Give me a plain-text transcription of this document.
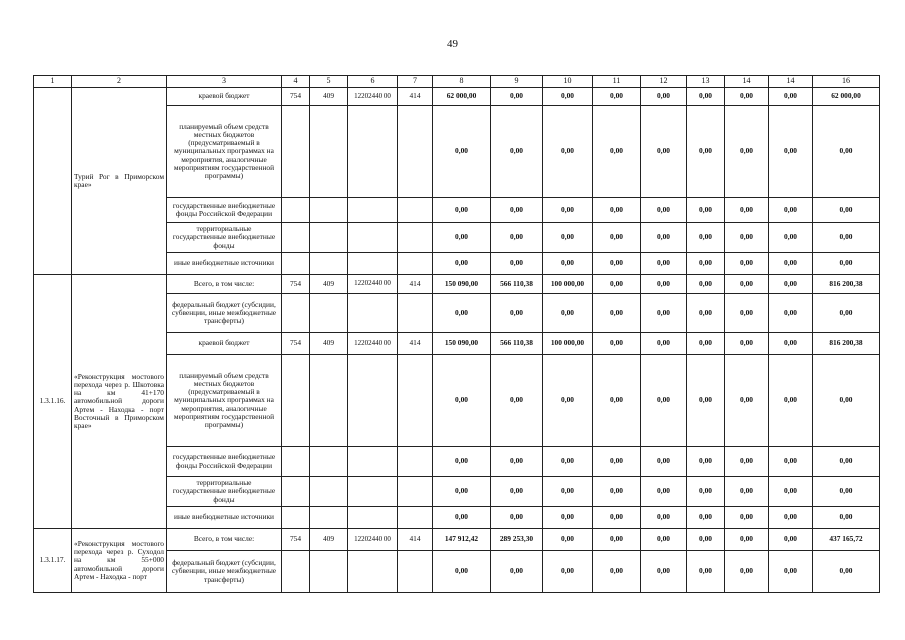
49
1	2	3	4	5	6	7	8	9	10	11	12	13	14	14	16
	Турий Рог в Приморском крае»	краевой бюджет	754	409	12202440 00	414	62 000,00	0,00	0,00	0,00	0,00	0,00	0,00	0,00	62 000,00
		планируемый объем средств местных бюджетов (предусматриваемый в муниципальных программах на мероприятия, аналогичные мероприятиям государственной программы)					0,00	0,00	0,00	0,00	0,00	0,00	0,00	0,00	0,00
		государственные внебюджетные фонды Российской Федерации					0,00	0,00	0,00	0,00	0,00	0,00	0,00	0,00	0,00
		территориальные государственные внебюджетные фонды					0,00	0,00	0,00	0,00	0,00	0,00	0,00	0,00	0,00
		иные внебюджетные источники					0,00	0,00	0,00	0,00	0,00	0,00	0,00	0,00	0,00
1.3.1.16.	«Реконструкция мостового перехода через р. Шкотовка на км 41+170 автомобильной дороги Артем - Находка - порт Восточный в Приморском крае»	Всего, в том числе:	754	409	12202440 00	414	150 090,00	566 110,38	100 000,00	0,00	0,00	0,00	0,00	0,00	816 200,38
		федеральный бюджет (субсидии, субвенции, иные межбюджетные трансферты)					0,00	0,00	0,00	0,00	0,00	0,00	0,00	0,00	0,00
		краевой бюджет	754	409	12202440 00	414	150 090,00	566 110,38	100 000,00	0,00	0,00	0,00	0,00	0,00	816 200,38
		планируемый объем средств местных бюджетов (предусматриваемый в муниципальных программах на мероприятия, аналогичные мероприятиям государственной программы)					0,00	0,00	0,00	0,00	0,00	0,00	0,00	0,00	0,00
		государственные внебюджетные фонды Российской Федерации					0,00	0,00	0,00	0,00	0,00	0,00	0,00	0,00	0,00
		территориальные государственные внебюджетные фонды					0,00	0,00	0,00	0,00	0,00	0,00	0,00	0,00	0,00
		иные внебюджетные источники					0,00	0,00	0,00	0,00	0,00	0,00	0,00	0,00	0,00
1.3.1.17.	«Реконструкция мостового перехода через р. Суходол на км 55+000 автомобильной дороги Артем - Находка - порт	Всего, в том числе:	754	409	12202440 00	414	147 912,42	289 253,30	0,00	0,00	0,00	0,00	0,00	0,00	437 165,72
		федеральный бюджет (субсидии, субвенции, иные межбюджетные трансферты)					0,00	0,00	0,00	0,00	0,00	0,00	0,00	0,00	0,00
